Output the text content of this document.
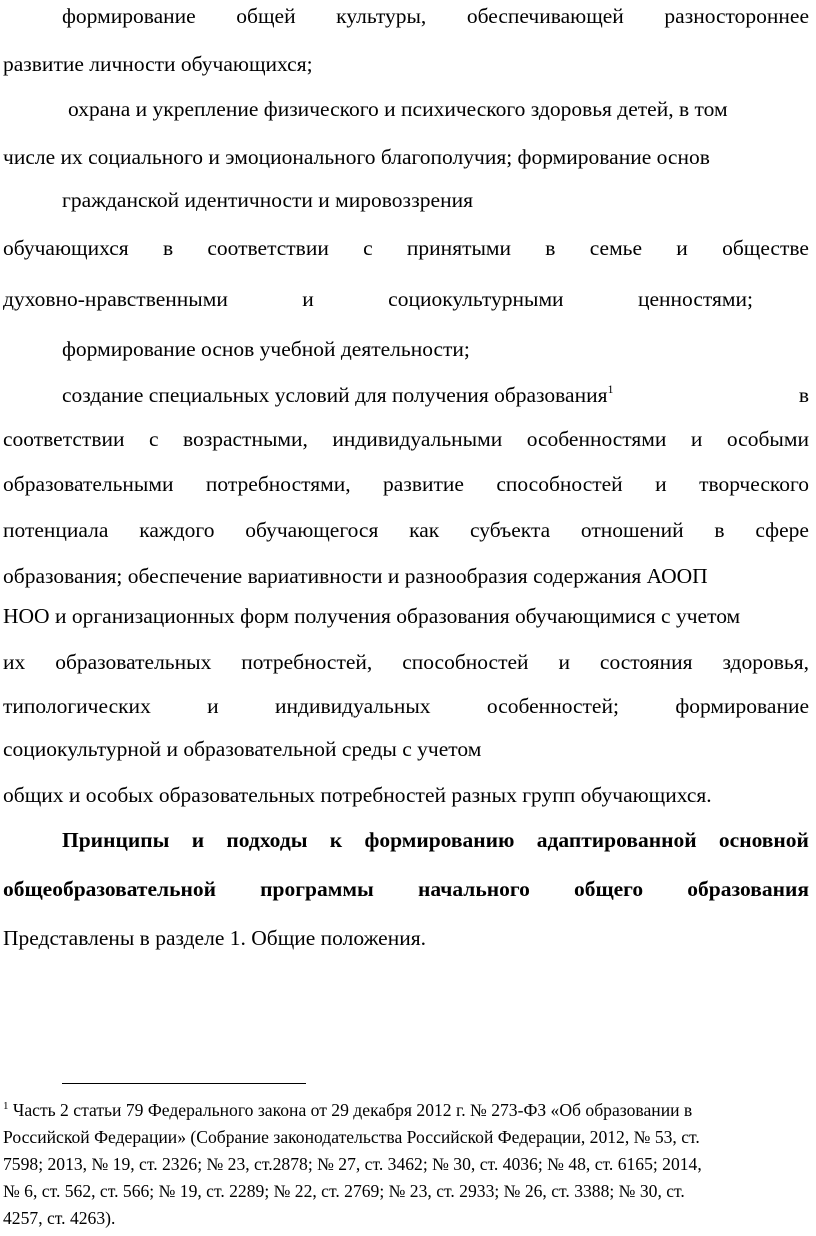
формирование общей культуры, обеспечивающей разностороннее
развитие личности обучающихся;
охрана и укрепление физического и психического здоровья детей, в том
числе их социального и эмоционального благополучия; формирование основ
гражданской идентичности и мировоззрения
обучающихся в соответствии с принятыми в семье и обществе
духовно-нравственными	и	социокультурными	ценностями;
формирование основ учебной деятельности;
создание специальных условий для получения образования$^1$	в
соответствии с возрастными, индивидуальными особенностями и особыми
образовательными потребностями, развитие способностей и творческого
потенциала каждого обучающегося как субъекта отношений в сфере
образования; обеспечение вариативности и разнообразия содержания АООП
НОО и организационных форм получения образования обучающимися с учетом
их образовательных потребностей, способностей и состояния здоровья,
типологических	и	индивидуальных	особенностей;	формирование
социокультурной и образовательной среды с учетом
общих и особых образовательных потребностей разных групп обучающихся.
Принципы и подходы к формированию адаптированной основной
общеобразовательной программы начального общего образования
Представлены в разделе 1. Общие положения.
$^1$ Часть 2 статьи 79 Федерального закона от 29 декабря 2012 г. № 273-ФЗ «Об образовании в
Российской Федерации» (Собрание законодательства Российской Федерации, 2012, № 53, ст.
7598; 2013, № 19, ст. 2326; № 23, ст.2878; № 27, ст. 3462; № 30, ст. 4036; № 48, ст. 6165; 2014,
№ 6, ст. 562, ст. 566; № 19, ст. 2289; № 22, ст. 2769; № 23, ст. 2933; № 26, ст. 3388; № 30, ст.
4257, ст. 4263).
